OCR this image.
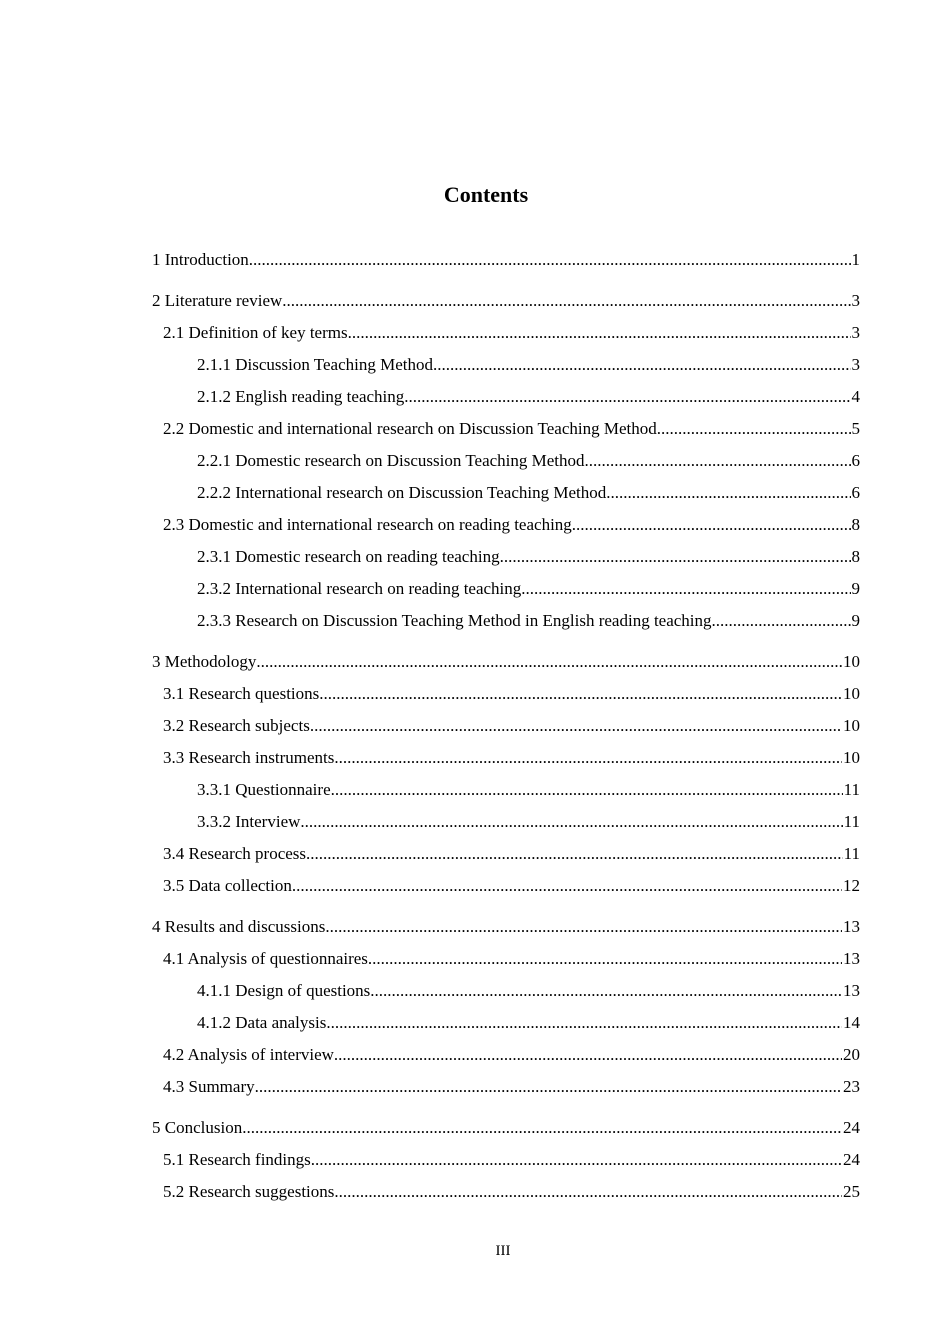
Contents
1 Introduction .....	1
2 Literature review .....	3
2.1 Definition of key terms .....	3
2.1.1 Discussion Teaching Method .....	3
2.1.2 English reading teaching .....	4
2.2 Domestic and international research on Discussion Teaching Method .....	5
2.2.1 Domestic research on Discussion Teaching Method .....	6
2.2.2 International research on Discussion Teaching Method .....	6
2.3 Domestic and international research on reading teaching .....	8
2.3.1 Domestic research on reading teaching .....	8
2.3.2 International research on reading teaching .....	9
2.3.3 Research on Discussion Teaching Method in English reading teaching .....	9
3 Methodology .....	10
3.1 Research questions .....	10
3.2 Research subjects .....	10
3.3 Research instruments .....	10
3.3.1 Questionnaire .....	11
3.3.2 Interview .....	11
3.4 Research process .....	11
3.5 Data collection .....	12
4 Results and discussions .....	13
4.1 Analysis of questionnaires .....	13
4.1.1 Design of questions .....	13
4.1.2 Data analysis .....	14
4.2 Analysis of interview .....	20
4.3 Summary .....	23
5 Conclusion .....	24
5.1 Research findings .....	24
5.2 Research suggestions .....	25
III
